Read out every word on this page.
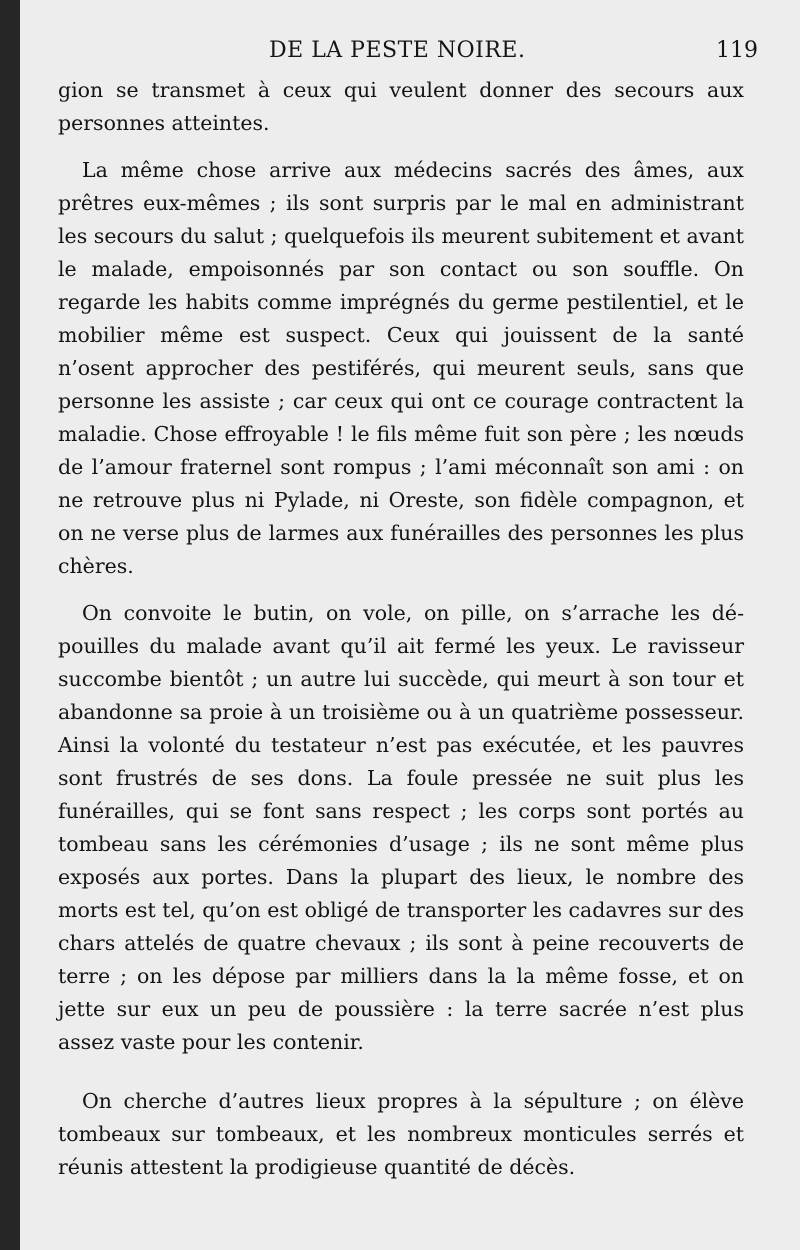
DE LA PESTE NOIRE.	119

gion se transmet à ceux qui veulent donner des secours aux personnes atteintes.

La même chose arrive aux médecins sacrés des âmes, aux prêtres eux-mêmes ; ils sont surpris par le mal en administrant les secours du salut ; quelquefois ils meurent subitement et avant le malade, empoisonnés par son contact ou son souffle. On regarde les habits comme imprégnés du germe pestilentiel, et le mobilier même est suspect. Ceux qui jouissent de la santé n’osent approcher des pestiférés, qui meurent seuls, sans que personne les assiste ; car ceux qui ont ce courage contractent la maladie. Chose effroyable ! le fils même fuit son père ; les nœuds de l’amour fraternel sont rompus ; l’ami méconnaît son ami : on ne retrouve plus ni Pylade, ni Oreste, son fidèle compagnon, et on ne verse plus de larmes aux funérailles des personnes les plus chères.

On convoite le butin, on vole, on pille, on s’arrache les dépouilles du malade avant qu’il ait fermé les yeux. Le ravisseur succombe bientôt ; un autre lui succède, qui meurt à son tour et abandonne sa proie à un troisième ou à un quatrième possesseur. Ainsi la volonté du testateur n’est pas exécutée, et les pauvres sont frustrés de ses dons. La foule pressée ne suit plus les funérailles, qui se font sans respect ; les corps sont portés au tombeau sans les cérémonies d’usage ; ils ne sont même plus exposés aux portes. Dans la plupart des lieux, le nombre des morts est tel, qu’on est obligé de transporter les cadavres sur des chars attelés de quatre chevaux ; ils sont à peine recouverts de terre ; on les dépose par milliers dans la la même fosse, et on jette sur eux un peu de poussière : la terre sacrée n’est plus assez vaste pour les contenir.

On cherche d’autres lieux propres à la sépulture ; on élève tombeaux sur tombeaux, et les nombreux monticules serrés et réunis attestent la prodigieuse quantité de décès.
